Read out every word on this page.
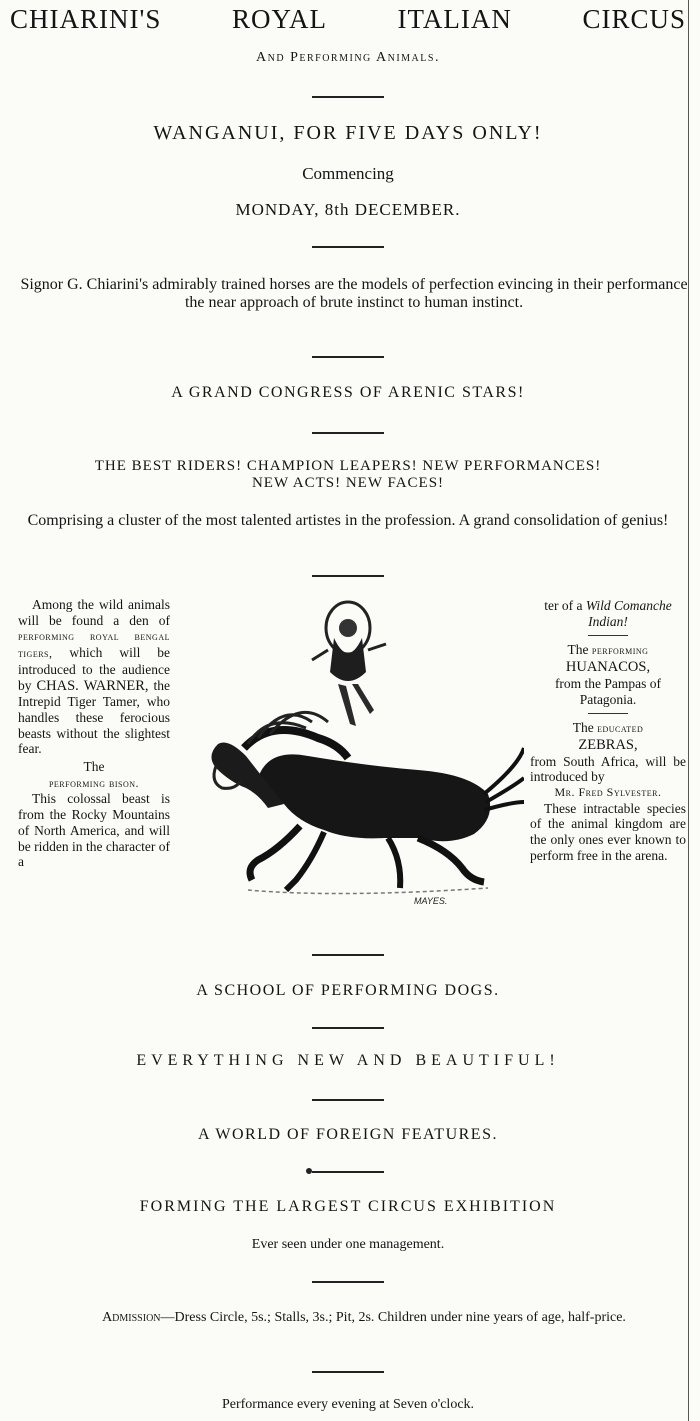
CHIARINI'S	ROYAL	ITALIAN	CIRCUS
And Performing Animals.
WANGANUI, FOR FIVE DAYS ONLY!
Commencing
MONDAY, 8th DECEMBER.
Signor G. Chiarini's admirably trained horses are the models of perfection evincing in their performance the near approach of brute instinct to human instinct.
A GRAND CONGRESS OF ARENIC STARS!
THE BEST RIDERS! CHAMPION LEAPERS! NEW PERFORMANCES!
NEW ACTS! NEW FACES!
Comprising a cluster of the most talented artistes in the profession. A grand consolidation of genius!
Among the wild animals will be found a den of performing royal bengal tigers, which will be introduced to the audience by CHAS. WARNER, the Intrepid Tiger Tamer, who handles these ferocious beasts without the slightest fear.
The
performing bison.
This colossal beast is from the Rocky Mountains of North America, and will be ridden in the character of a
MAYES.
ter of a Wild Comanche Indian!
The performing
HUANACOS,
from the Pampas of Patagonia.
The educated
ZEBRAS,
from South Africa, will be introduced by
Mr. Fred Sylvester.
These intractable species of the animal kingdom are the only ones ever known to perform free in the arena.
A SCHOOL OF PERFORMING DOGS.
EVERYTHING NEW AND BEAUTIFUL!
A WORLD OF FOREIGN FEATURES.
FORMING THE LARGEST CIRCUS EXHIBITION
Ever seen under one management.
Admission—Dress Circle, 5s.; Stalls, 3s.; Pit, 2s. Children under nine years of age, half-price.
Performance every evening at Seven o'clock.
